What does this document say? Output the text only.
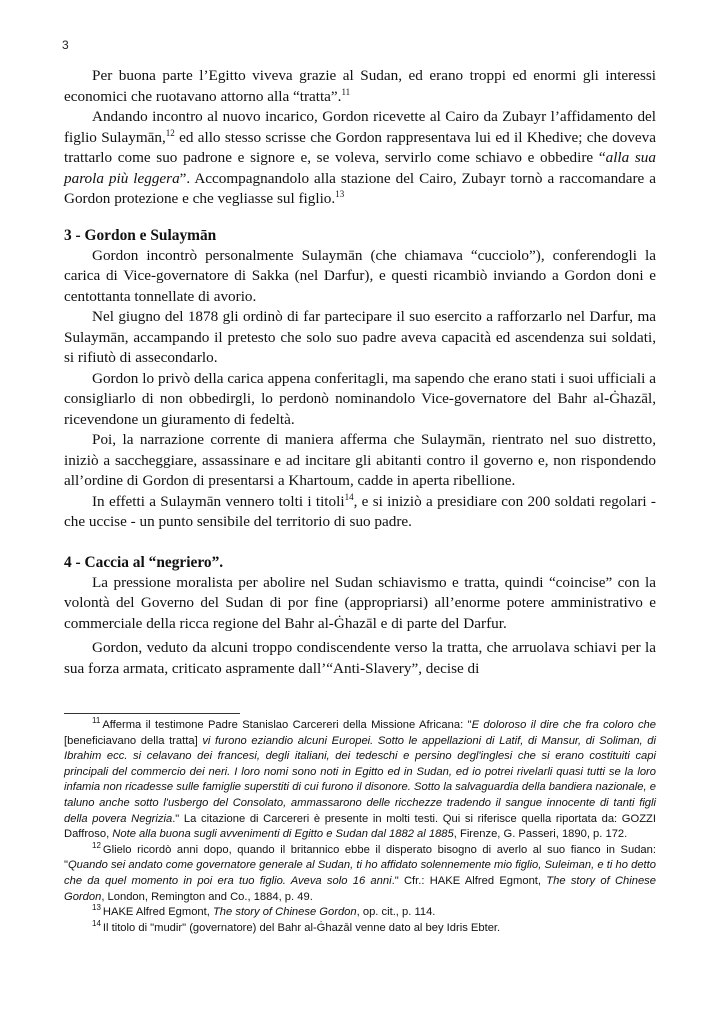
3

Per buona parte l’Egitto viveva grazie al Sudan, ed erano troppi ed enormi gli interessi economici che ruotavano attorno alla “tratta”.$^{11}$

Andando incontro al nuovo incarico, Gordon ricevette al Cairo da Zubayr l’affidamento del figlio Sulaymān,$^{12}$ ed allo stesso scrisse che Gordon rappresentava lui ed il Khedive; che doveva trattarlo come suo padrone e signore e, se voleva, servirlo come schiavo e obbedire “alla sua parola più leggera”. Accompagnandolo alla stazione del Cairo, Zubayr tornò a raccomandare a Gordon protezione e che vegliasse sul figlio.$^{13}$

3 - Gordon e Sulaymān

Gordon incontrò personalmente Sulaymān (che chiamava “cucciolo”), conferendogli la carica di Vice-governatore di Sakka (nel Darfur), e questi ricambiò inviando a Gordon doni e centottanta tonnellate di avorio.

Nel giugno del 1878 gli ordinò di far partecipare il suo esercito a rafforzarlo nel Darfur, ma Sulaymān, accampando il pretesto che solo suo padre aveva capacità ed ascendenza sui soldati, si rifiutò di assecondarlo.

Gordon lo privò della carica appena conferitagli, ma sapendo che erano stati i suoi ufficiali a consigliarlo di non obbedirgli, lo perdonò nominandolo Vice-governatore del Bahr al-Ġhazāl, ricevendone un giuramento di fedeltà.

Poi, la narrazione corrente di maniera afferma che Sulaymān, rientrato nel suo distretto, iniziò a saccheggiare, assassinare e ad incitare gli abitanti contro il governo e, non rispondendo all’ordine di Gordon di presentarsi a Khartoum, cadde in aperta ribellione.

In effetti a Sulaymān vennero tolti i titoli$^{14}$, e si iniziò a presidiare con 200 soldati regolari - che uccise - un punto sensibile del territorio di suo padre.

4 - Caccia al “negriero”.

La pressione moralista per abolire nel Sudan schiavismo e tratta, quindi “coincise” con la volontà del Governo del Sudan di por fine (appropriarsi) all’enorme potere amministrativo e commerciale della ricca regione del Bahr al-Ġhazāl e di parte del Darfur.

Gordon, veduto da alcuni troppo condiscendente verso la tratta, che arruolava schiavi per la sua forza armata, criticato aspramente dall’“Anti-Slavery”, decise di

$^{11}$ Afferma il testimone Padre Stanislao Carcereri della Missione Africana: "E doloroso il dire che fra coloro che [beneficiavano della tratta] vi furono eziandio alcuni Europei. Sotto le appellazioni di Latif, di Mansur, di Soliman, di Ibrahim ecc. si celavano dei francesi, degli italiani, dei tedeschi e persino degl'inglesi che si erano costituiti capi principali del commercio dei neri. I loro nomi sono noti in Egitto ed in Sudan, ed io potrei rivelarli quasi tutti se la loro infamia non ricadesse sulle famiglie superstiti di cui furono il disonore. Sotto la salvaguardia della bandiera nazionale, e taluno anche sotto l'usbergo del Consolato, ammassarono delle ricchezze tradendo il sangue innocente di tanti figli della povera Negrizia." La citazione di Carcereri è presente in molti testi. Qui si riferisce quella riportata da: GOZZI Daffroso, Note alla buona sugli avvenimenti di Egitto e Sudan dal 1882 al 1885, Firenze, G. Passeri, 1890, p. 172.

$^{12}$ Glielo ricordò anni dopo, quando il britannico ebbe il disperato bisogno di averlo al suo fianco in Sudan: "Quando sei andato come governatore generale al Sudan, ti ho affidato solennemente mio figlio, Suleiman, e ti ho detto che da quel momento in poi era tuo figlio. Aveva solo 16 anni." Cfr.: HAKE Alfred Egmont, The story of Chinese Gordon, London, Remington and Co., 1884, p. 49.

$^{13}$ HAKE Alfred Egmont, The story of Chinese Gordon, op. cit., p. 114.

$^{14}$ Il titolo di "mudir" (governatore) del Bahr al-Ġhazāl venne dato al bey Idris Ebter.
